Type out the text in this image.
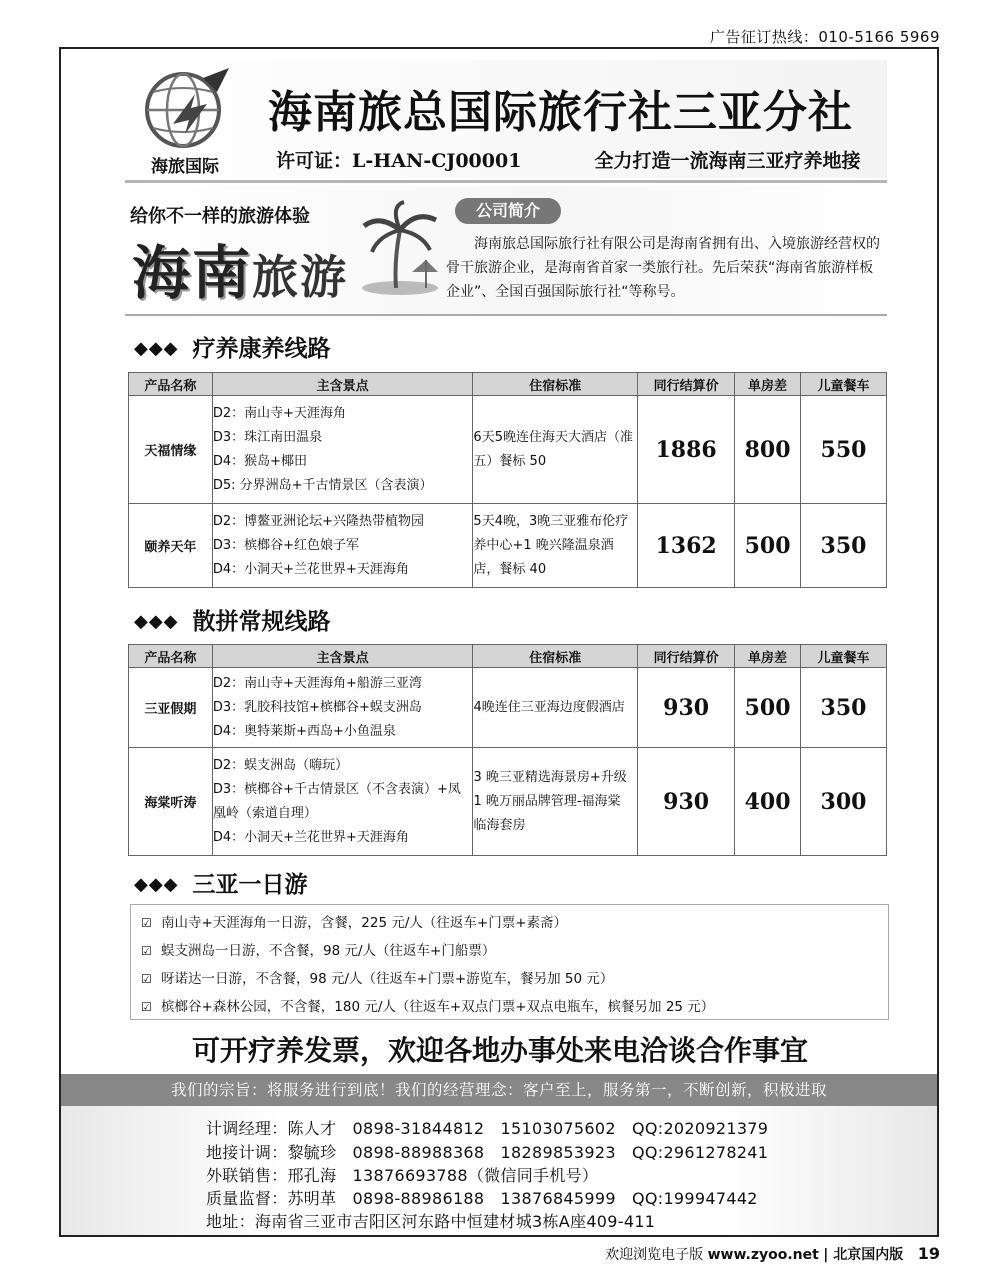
广告征订热线：010-5166 5969
海旅国际
海南旅总国际旅行社三亚分社
许可证：L-HAN-CJ00001	全力打造一流海南三亚疗养地接
给你不一样的旅游体验
海南旅游
公司简介
海南旅总国际旅行社有限公司是海南省拥有出、入境旅游经营权的骨干旅游企业，是海南省首家一类旅行社。先后荣获“海南省旅游样板企业”、全国百强国际旅行社“等称号。
◆◆◆ 疗养康养线路
产品名称	主含景点	住宿标准	同行结算价	单房差	儿童餐车
天福情缘	D2：南山寺+天涯海角
D3：珠江南田温泉
D4：猴岛+椰田
D5: 分界洲岛+千古情景区（含表演）	6天5晚连住海天大酒店（准五）餐标 50	1886	800	550
颐养天年	D2：博鳌亚洲论坛+兴隆热带植物园
D3：槟榔谷+红色娘子军
D4：小洞天+兰花世界+天涯海角	5天4晚，3晚三亚雅布伦疗养中心+1 晚兴隆温泉酒店，餐标 40	1362	500	350
◆◆◆ 散拼常规线路
产品名称	主含景点	住宿标准	同行结算价	单房差	儿童餐车
三亚假期	D2：南山寺+天涯海角+船游三亚湾
D3：乳胶科技馆+槟榔谷+蜈支洲岛
D4：奥特莱斯+西岛+小鱼温泉	4晚连住三亚海边度假酒店	930	500	350
海棠听涛	D2：蜈支洲岛（嗨玩）
D3：槟榔谷+千古情景区（不含表演）+凤凰岭（索道自理）
D4：小洞天+兰花世界+天涯海角	3 晚三亚精选海景房+升级 1 晚万丽品牌管理-福海棠 临海套房	930	400	300
◆◆◆ 三亚一日游
☑ 南山寺+天涯海角一日游，含餐，225 元/人（往返车+门票+素斋）
☑ 蜈支洲岛一日游，不含餐，98 元/人（往返车+门船票）
☑ 呀诺达一日游，不含餐，98 元/人（往返车+门票+游览车，餐另加 50 元）
☑ 槟榔谷+森林公园，不含餐，180 元/人（往返车+双点门票+双点电瓶车，槟餐另加 25 元）
可开疗养发票，欢迎各地办事处来电洽谈合作事宜
我们的宗旨：将服务进行到底！我们的经营理念：客户至上，服务第一，不断创新，积极进取
计调经理：陈人才   0898-31844812   15103075602   QQ:2020921379
地接计调：黎毓珍   0898-88988368   18289853923   QQ:2961278241
外联销售：邢孔海   13876693788（微信同手机号）
质量监督：苏明革   0898-88986188   13876845999   QQ:199947442
地址：海南省三亚市吉阳区河东路中恒建材城3栋A座409-411
欢迎浏览电子版 www.zyoo.net | 北京国内版 19
